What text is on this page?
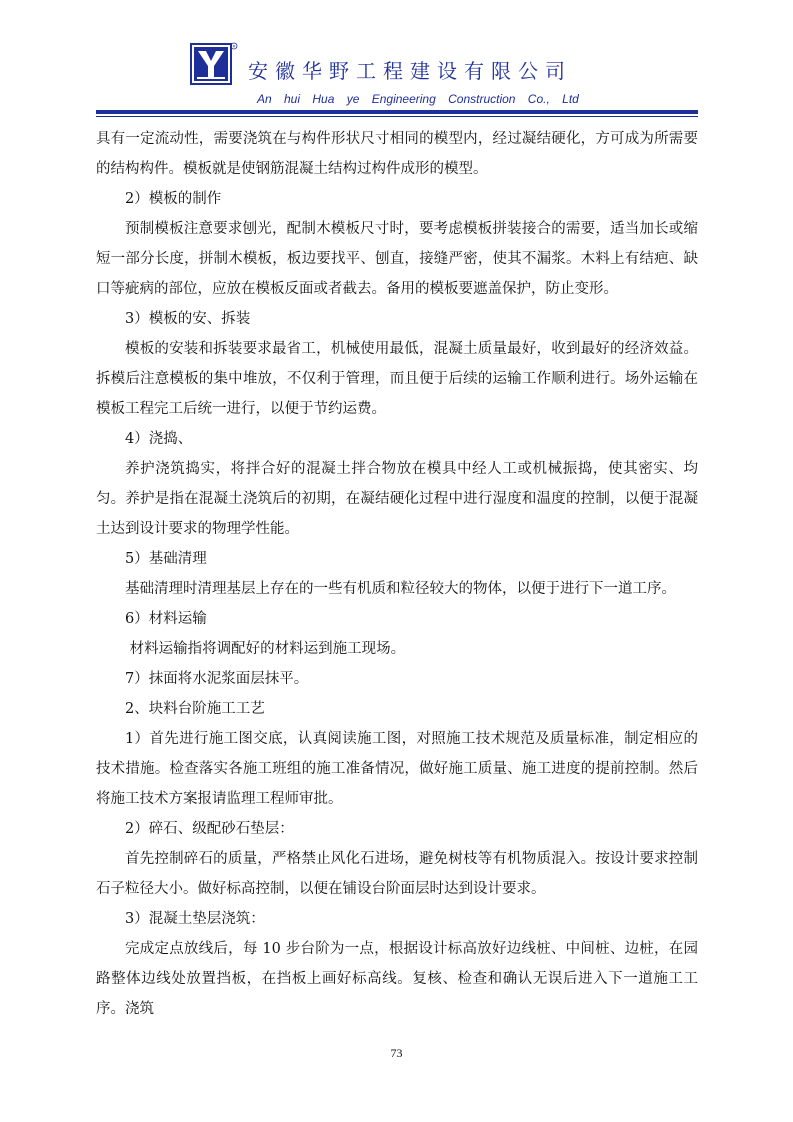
R
安徽华野工程建设有限公司
An hui Hua ye Engineering Construction Co., Ltd

具有一定流动性，需要浇筑在与构件形状尺寸相同的模型内，经过凝结硬化，方可成为所需要的结构构件。模板就是使钢筋混凝土结构过构件成形的模型。

2）模板的制作

预制模板注意要求刨光，配制木模板尺寸时，要考虑模板拼装接合的需要，适当加长或缩短一部分长度，拼制木模板，板边要找平、刨直，接缝严密，使其不漏浆。木料上有结疤、缺口等疵病的部位，应放在模板反面或者截去。备用的模板要遮盖保护，防止变形。

3）模板的安、拆装

模板的安装和拆装要求最省工，机械使用最低，混凝土质量最好，收到最好的经济效益。拆模后注意模板的集中堆放，不仅利于管理，而且便于后续的运输工作顺利进行。场外运输在模板工程完工后统一进行，以便于节约运费。

4）浇捣、

养护浇筑捣实，将拌合好的混凝土拌合物放在模具中经人工或机械振捣，使其密实、均匀。养护是指在混凝土浇筑后的初期，在凝结硬化过程中进行湿度和温度的控制，以便于混凝土达到设计要求的物理学性能。

5）基础清理

基础清理时清理基层上存在的一些有机质和粒径较大的物体，以便于进行下一道工序。

6）材料运输

材料运输指将调配好的材料运到施工现场。

7）抹面将水泥浆面层抹平。

2、块料台阶施工工艺

1）首先进行施工图交底，认真阅读施工图，对照施工技术规范及质量标准，制定相应的技术措施。检查落实各施工班组的施工准备情况，做好施工质量、施工进度的提前控制。然后将施工技术方案报请监理工程师审批。

2）碎石、级配砂石垫层：

首先控制碎石的质量，严格禁止风化石进场，避免树枝等有机物质混入。按设计要求控制石子粒径大小。做好标高控制，以便在铺设台阶面层时达到设计要求。

3）混凝土垫层浇筑：

完成定点放线后，每 10 步台阶为一点，根据设计标高放好边线桩、中间桩、边桩，在园路整体边线处放置挡板，在挡板上画好标高线。复核、检查和确认无误后进入下一道施工工序。浇筑

73
